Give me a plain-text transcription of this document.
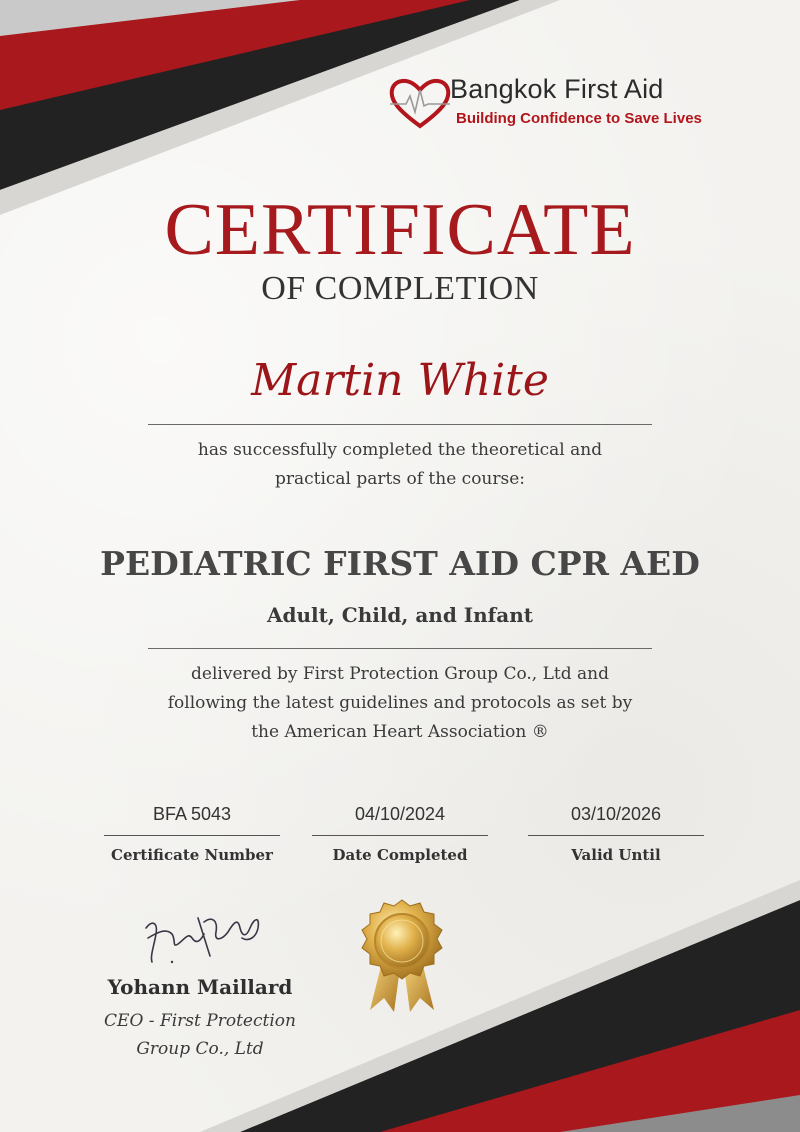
Bangkok First Aid
Building Confidence to Save Lives
CERTIFICATE
OF COMPLETION
Martin White
has successfully completed the theoretical and
practical parts of the course:
PEDIATRIC FIRST AID CPR AED
Adult, Child, and Infant
delivered by First Protection Group Co., Ltd and
following the latest guidelines and protocols as set by
the American Heart Association ®
BFA 5043
Certificate Number
04/10/2024
Date Completed
03/10/2026
Valid Until
Yohann Maillard
CEO - First Protection
Group Co., Ltd
